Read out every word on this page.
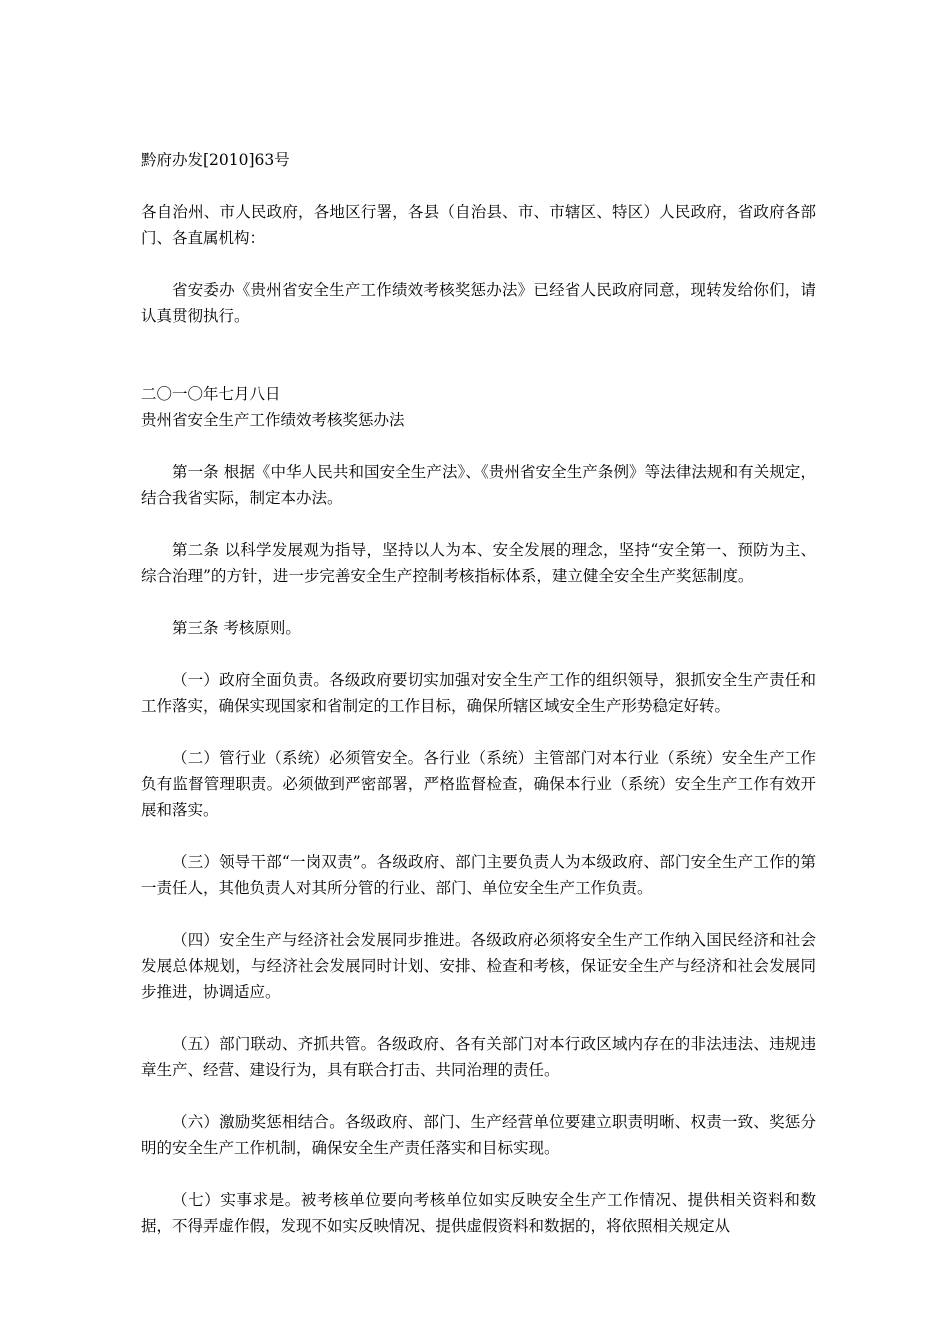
黔府办发[2010]63号

各自治州、市人民政府，各地区行署，各县（自治县、市、市辖区、特区）人民政府，省政府各部门、各直属机构：

省安委办《贵州省安全生产工作绩效考核奖惩办法》已经省人民政府同意，现转发给你们，请认真贯彻执行。

二〇一〇年七月八日

贵州省安全生产工作绩效考核奖惩办法

第一条 根据《中华人民共和国安全生产法》、《贵州省安全生产条例》等法律法规和有关规定，结合我省实际，制定本办法。

第二条 以科学发展观为指导，坚持以人为本、安全发展的理念，坚持“安全第一、预防为主、综合治理”的方针，进一步完善安全生产控制考核指标体系，建立健全安全生产奖惩制度。

第三条 考核原则。

（一）政府全面负责。各级政府要切实加强对安全生产工作的组织领导，狠抓安全生产责任和工作落实，确保实现国家和省制定的工作目标，确保所辖区域安全生产形势稳定好转。

（二）管行业（系统）必须管安全。各行业（系统）主管部门对本行业（系统）安全生产工作负有监督管理职责。必须做到严密部署，严格监督检查，确保本行业（系统）安全生产工作有效开展和落实。

（三）领导干部“一岗双责”。各级政府、部门主要负责人为本级政府、部门安全生产工作的第一责任人，其他负责人对其所分管的行业、部门、单位安全生产工作负责。

（四）安全生产与经济社会发展同步推进。各级政府必须将安全生产工作纳入国民经济和社会发展总体规划，与经济社会发展同时计划、安排、检查和考核，保证安全生产与经济和社会发展同步推进，协调适应。

（五）部门联动、齐抓共管。各级政府、各有关部门对本行政区域内存在的非法违法、违规违章生产、经营、建设行为，具有联合打击、共同治理的责任。

（六）激励奖惩相结合。各级政府、部门、生产经营单位要建立职责明晰、权责一致、奖惩分明的安全生产工作机制，确保安全生产责任落实和目标实现。

（七）实事求是。被考核单位要向考核单位如实反映安全生产工作情况、提供相关资料和数据，不得弄虚作假，发现不如实反映情况、提供虚假资料和数据的，将依照相关规定从
